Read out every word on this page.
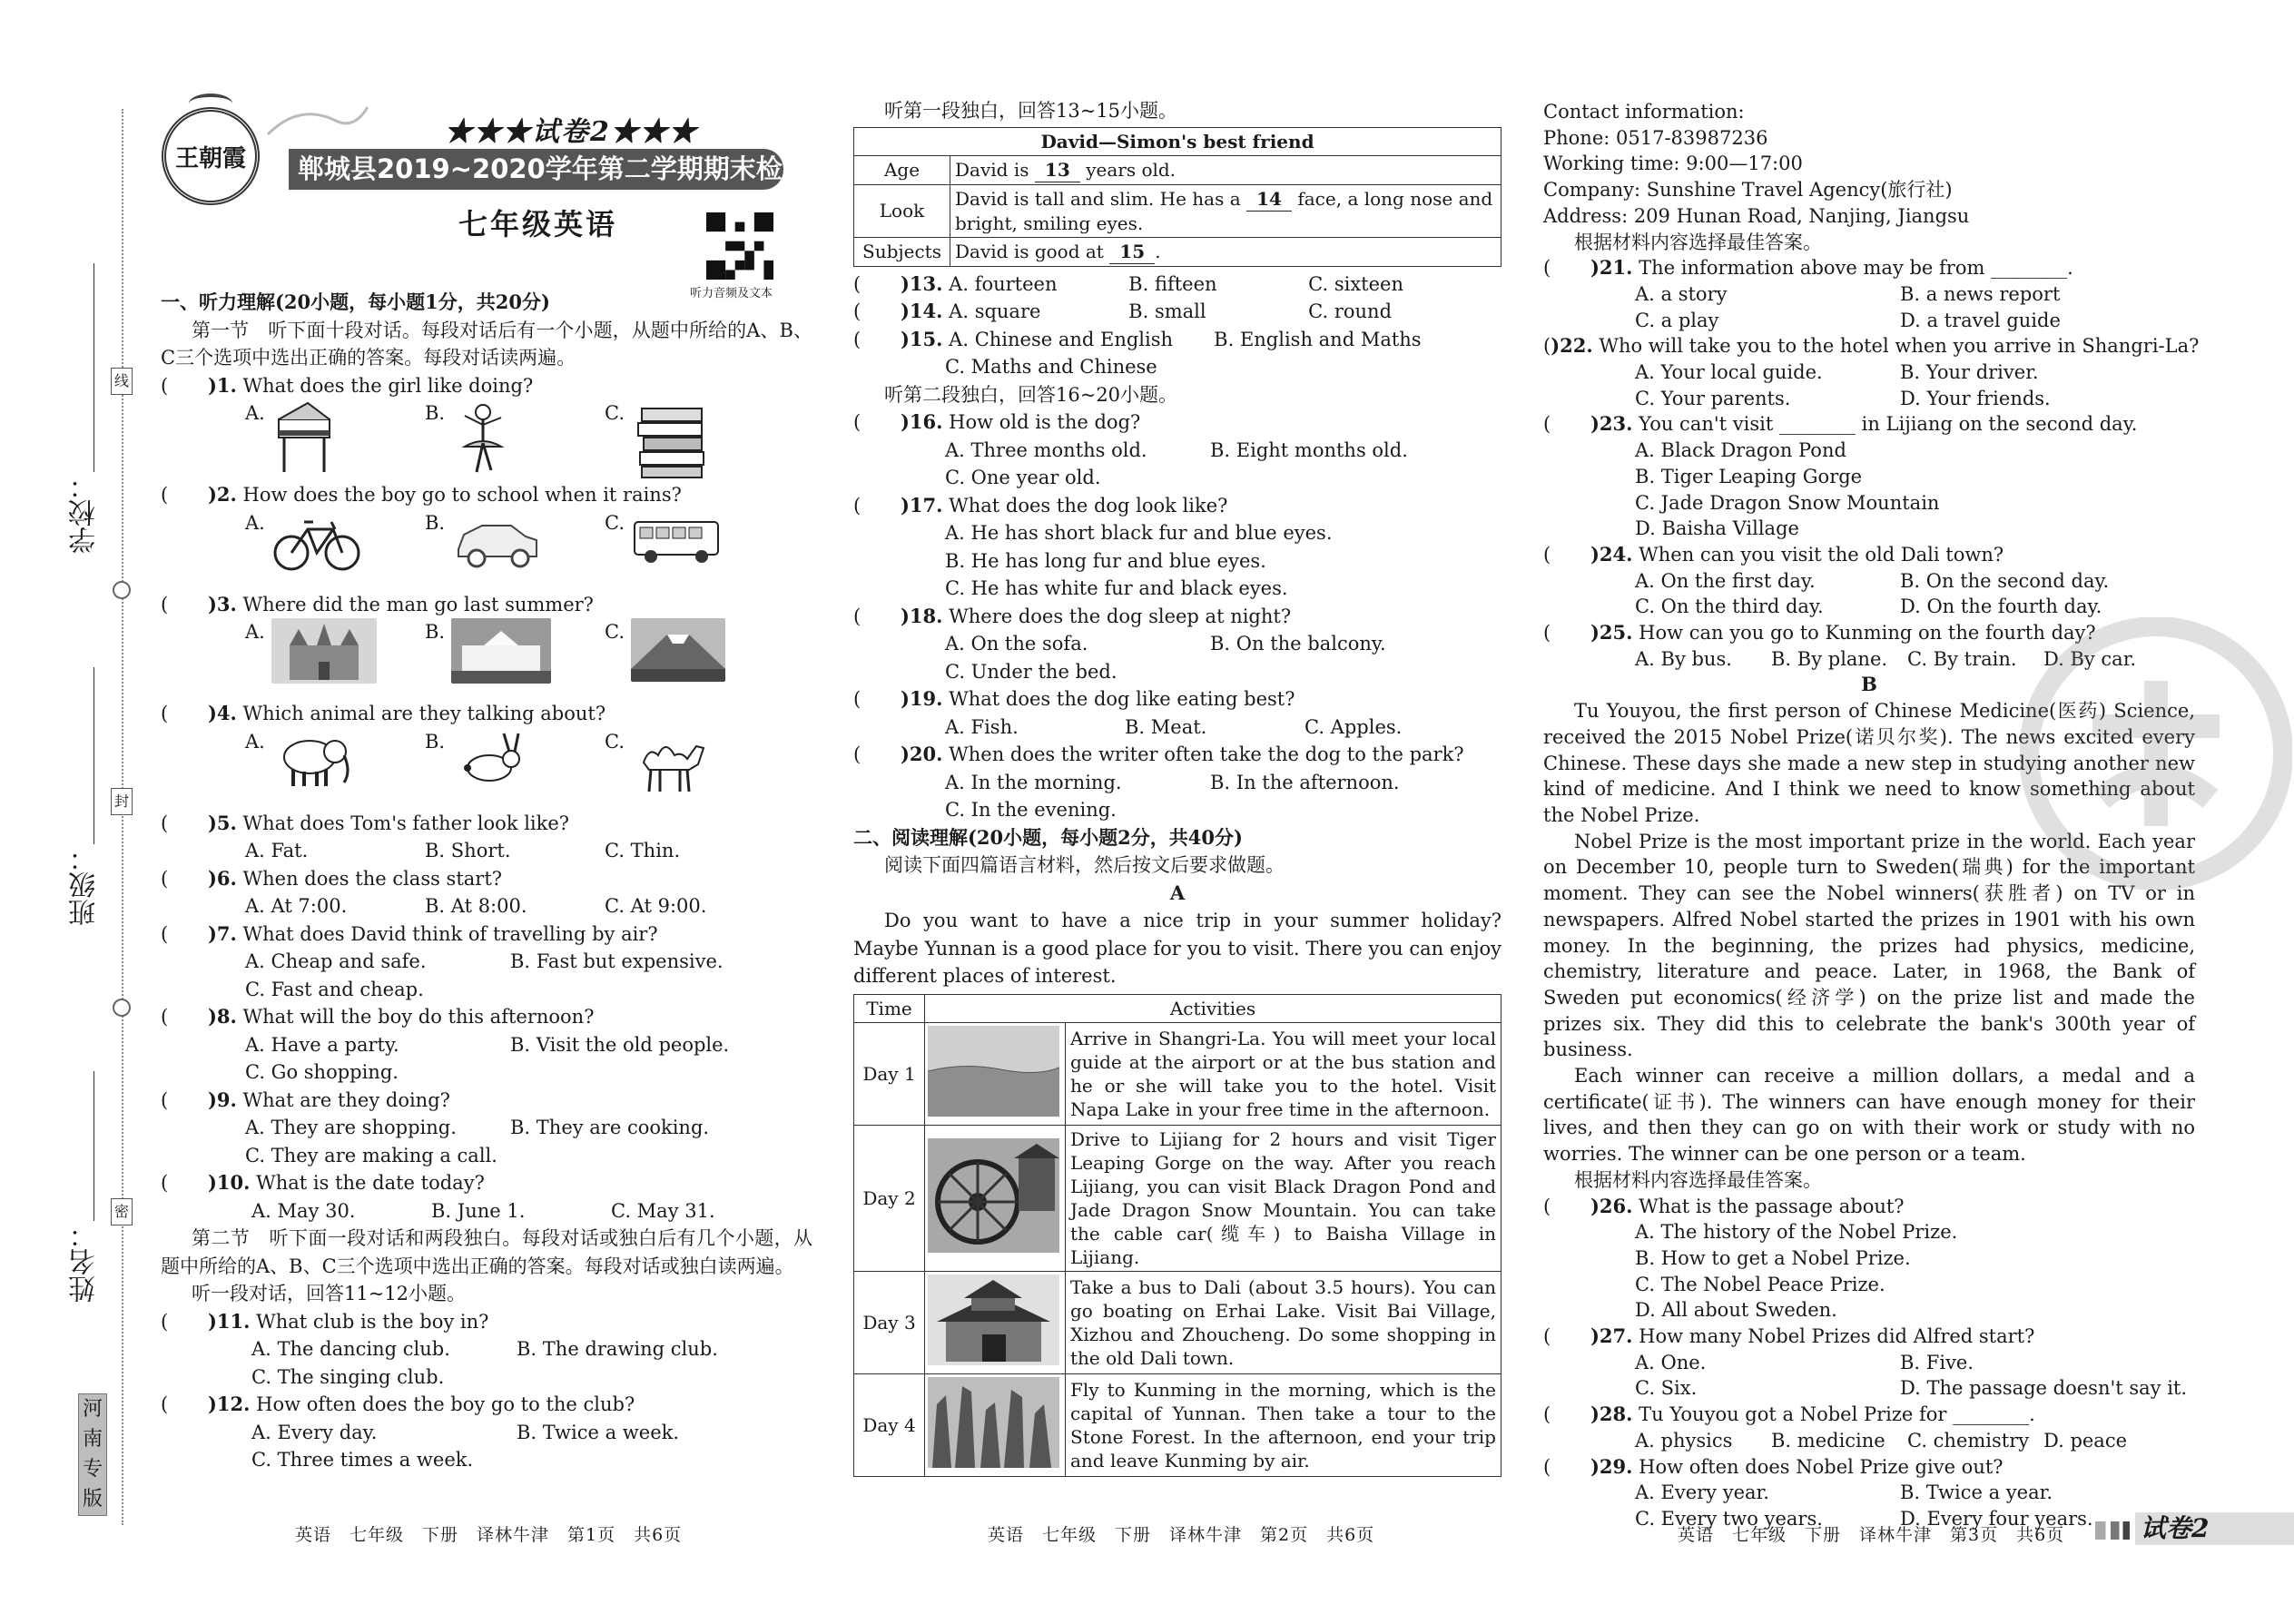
学校：
班级：
姓名：
线
封
密
河
南
专
版
王朝霞
★★★试卷2★★★
郸城县2019~2020学年第二学期期末检测试卷
七年级英语
听力音频及文本
一、听力理解(20小题，每小题1分，共20分)
第一节　听下面十段对话。每段对话后有一个小题，从题中所给的A、B、C三个选项中选出正确的答案。每段对话读两遍。
(	)1.
What does the girl like doing?
A.	B.	C.
(	)2.
How does the boy go to school when it rains?
A.	B.	C.
(	)3.
Where did the man go last summer?
A.	B.	C.
(	)4.
Which animal are they talking about?
A.	B.	C.
(	)5.
What does Tom's father look like?
A. Fat.	B. Short.	C. Thin.
(	)6.
When does the class start?
A. At 7:00.	B. At 8:00.	C. At 9:00.
(	)7.
What does David think of travelling by air?
A. Cheap and safe.	B. Fast but expensive.
C. Fast and cheap.
(	)8.
What will the boy do this afternoon?
A. Have a party.	B. Visit the old people.
C. Go shopping.
(	)9.
What are they doing?
A. They are shopping.	B. They are cooking.
C. They are making a call.
(	)10.
What is the date today?
A. May 30.	B. June 1.	C. May 31.
第二节　听下面一段对话和两段独白。每段对话或独白后有几个小题，从题中所给的A、B、C三个选项中选出正确的答案。每段对话或独白读两遍。
听一段对话，回答11~12小题。
(	)11.
What club is the boy in?
A. The dancing club.	B. The drawing club.
C. The singing club.
(	)12.
How often does the boy go to the club?
A. Every day.	B. Twice a week.
C. Three times a week.
听第一段独白，回答13~15小题。
David—Simon's best friend	
Age	David is 13 years old.
Look	David is tall and slim. He has a 14 face, a long nose and bright, smiling eyes.
Subjects	David is good at 15 .
(	)13.
A. fourteen	B. fifteen	C. sixteen
(	)14.
A. square	B. small	C. round
(	)15.
A. Chinese and English	B. English and Maths
C. Maths and Chinese
听第二段独白，回答16~20小题。
(	)16.
How old is the dog?
A. Three months old.	B. Eight months old.
C. One year old.
(	)17.
What does the dog look like?
A. He has short black fur and blue eyes.
B. He has long fur and blue eyes.
C. He has white fur and black eyes.
(	)18.
Where does the dog sleep at night?
A. On the sofa.	B. On the balcony.
C. Under the bed.
(	)19.
What does the dog like eating best?
A. Fish.	B. Meat.	C. Apples.
(	)20.
When does the writer often take the dog to the park?
A. In the morning.	B. In the afternoon.
C. In the evening.
二、阅读理解(20小题，每小题2分，共40分)
阅读下面四篇语言材料，然后按文后要求做题。
A
Do you want to have a nice trip in your summer holiday? Maybe Yunnan is a good place for you to visit. There you can enjoy different places of interest.
Time	Activities	
Day 1		Arrive in Shangri-La. You will meet your local guide at the airport or at the bus station and he or she will take you to the hotel. Visit Napa Lake in your free time in the afternoon.
Day 2		Drive to Lijiang for 2 hours and visit Tiger Leaping Gorge on the way. After you reach Lijiang, you can visit Black Dragon Pond and Jade Dragon Snow Mountain. You can take the cable car(缆车) to Baisha Village in Lijiang.
Day 3		Take a bus to Dali (about 3.5 hours). You can go boating on Erhai Lake. Visit Bai Village, Xizhou and Zhoucheng. Do some shopping in the old Dali town.
Day 4		Fly to Kunming in the morning, which is the capital of Yunnan. Then take a tour to the Stone Forest. In the afternoon, end your trip and leave Kunming by air.
Contact information:
Phone: 0517-83987236
Working time: 9:00—17:00
Company: Sunshine Travel Agency(旅行社)
Address: 209 Hunan Road, Nanjing, Jiangsu
根据材料内容选择最佳答案。
(	)21.
The information above may be from ________.
A. a story	B. a news report
C. a play	D. a travel guide
( )22.
Who will take you to the hotel when you arrive in Shangri-La?
A. Your local guide.	B. Your driver.
C. Your parents.	D. Your friends.
(	)23.
You can't visit ________ in Lijiang on the second day.
A. Black Dragon Pond
B. Tiger Leaping Gorge
C. Jade Dragon Snow Mountain
D. Baisha Village
(	)24.
When can you visit the old Dali town?
A. On the first day.	B. On the second day.
C. On the third day.	D. On the fourth day.
(	)25.
How can you go to Kunming on the fourth day?
A. By bus.	B. By plane.	C. By train.	D. By car.
B
Tu Youyou, the first person of Chinese Medicine(医药) Science, received the 2015 Nobel Prize(诺贝尔奖). The news excited every Chinese. These days she made a new step in studying another new kind of medicine. And I think we need to know something about the Nobel Prize.
Nobel Prize is the most important prize in the world. Each year on December 10, people turn to Sweden(瑞典) for the important moment. They can see the Nobel winners(获胜者) on TV or in newspapers. Alfred Nobel started the prizes in 1901 with his own money. In the beginning, the prizes had physics, medicine, chemistry, literature and peace. Later, in 1968, the Bank of Sweden put economics(经济学) on the prize list and made the prizes six. They did this to celebrate the bank's 300th year of business.
Each winner can receive a million dollars, a medal and a certificate(证书). The winners can have enough money for their lives, and then they can go on with their work or study with no worries. The winner can be one person or a team.
根据材料内容选择最佳答案。
(	)26.
What is the passage about?
A. The history of the Nobel Prize.
B. How to get a Nobel Prize.
C. The Nobel Peace Prize.
D. All about Sweden.
(	)27.
How many Nobel Prizes did Alfred start?
A. One.	B. Five.
C. Six.	D. The passage doesn't say it.
(	)28.
Tu Youyou got a Nobel Prize for ________.
A. physics	B. medicine	C. chemistry D. peace
(	)29.
How often does Nobel Prize give out?
A. Every year.	B. Twice a year.
C. Every two years.	D. Every four years.
英语　七年级　下册　译林牛津　第1页　共6页	英语　七年级　下册　译林牛津　第2页　共6页	英语　七年级　下册　译林牛津　第3页　共6页	试卷2
